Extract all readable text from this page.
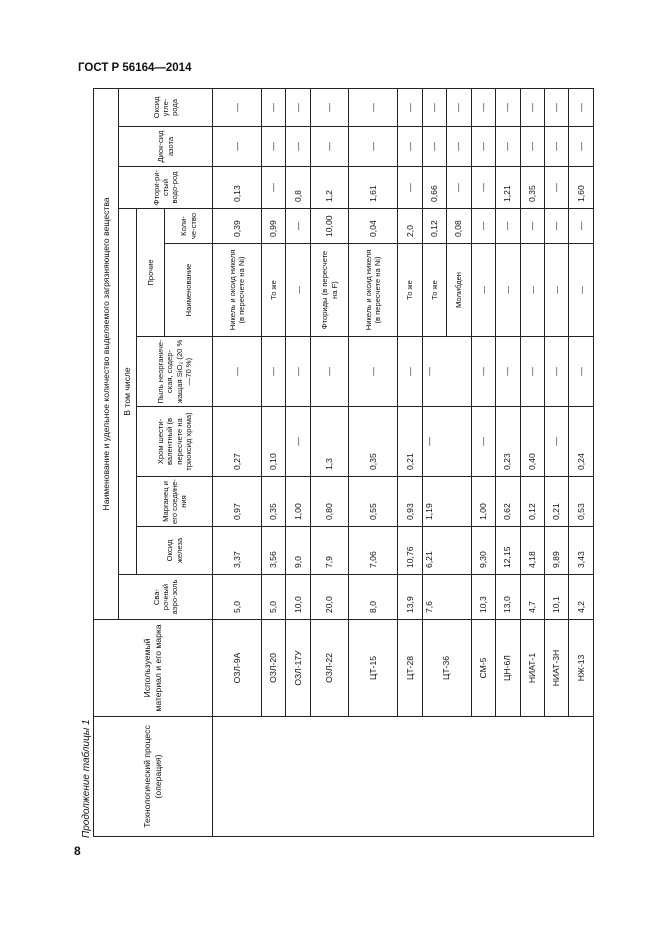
ГОСТ Р 56164—2014
Продолжение таблицы 1
8
Технологический процесс (операция)	Используемый материал и его марка	Наименование и удельное количество выделяемого загрязняющего вещества									
		Сва-рочный аэро-золь	В том числе						Фтори-ри-стый водо-род	Диок-сид азота	Оксид угле-рода
			Оксид железа	Марганец и его соедине-ния	Хром шести-валентный (в пересчете на триоксид хрома)	Пыль неорганиче-ская, содер-жащая SiO₂ (20 %—70 %)	Прочие				
							Наименование	Коли-че-ство			
	ОЗЛ-9А	5,0	3,37	0,97	0,27	—	Никель и оксид никеля (в пересчете на Ni)	0,39	0,13	—	—
	ОЗЛ-20	5,0	3,56	0,35	0,10	—	То же	0,99	—	—	—
	ОЗЛ-17У	10,0	9,0	1,00	—	—	—	—	0,8	—	—
	ОЗЛ-22	20,0	7,9	0,80	1,3	—	Фториды (в пересчете на F)	10,00	1,2	—	—
	ЦТ-15	8,0	7,06	0,55	0,35	—	Никель и оксид никеля (в пересчете на Ni)	0,04	1,61	—	—
	ЦТ-28	13,9	10,76	0,93	0,21	—	То же	2,0	—	—	—
	ЦТ-36	7,6	6,21	1,19	—	—	То же	0,12	0,66	—	—
							Молибден	0,08	—	—	—
	СМ-5	10,3	9,30	1,00	—	—	—	—	—	—	—
	ЦН-6Л	13,0	12,15	0,62	0,23	—	—	—	1,21	—	—
	НИАТ-1	4,7	4,18	0,12	0,40	—	—	—	0,35	—	—
	НИАТ-3Н	10,1	9,89	0,21	—	—	—	—	—	—	—
	НЖ-13	4,2	3,43	0,53	0,24	—	—	—	1,60	—	—
